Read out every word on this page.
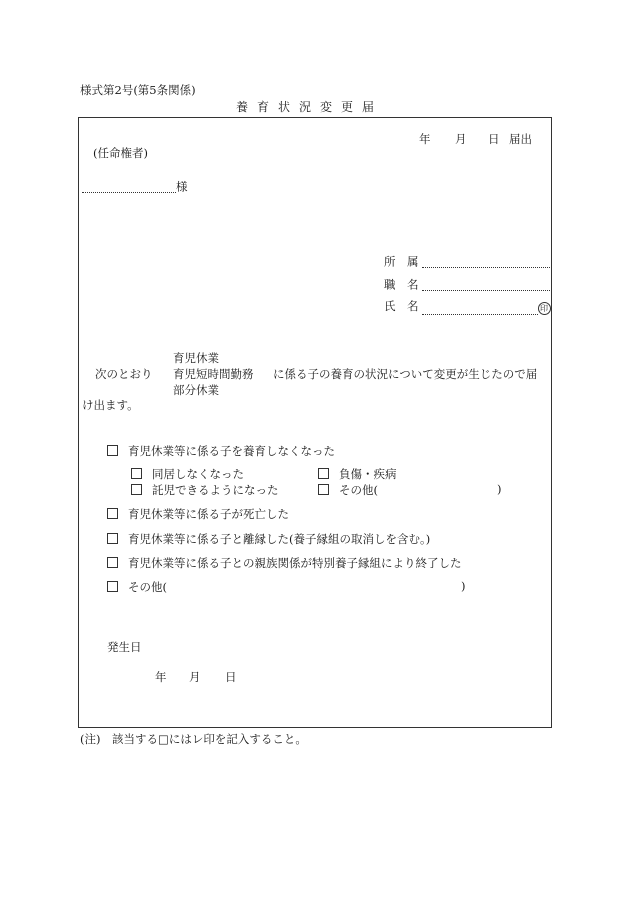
様式第2号(第5条関係)
養育状況変更届
年 月 日 届出
(任命権者)
様
所　属
職　名
氏　名	印
育児休業
次のとおり 育児短時間勤務 に係る子の養育の状況について変更が生じたので届
部分休業
け出ます。
育児休業等に係る子を養育しなくなった
同居しなくなった	負傷・疾病
託児できるようになった	その他(	)
育児休業等に係る子が死亡した
育児休業等に係る子と離縁した(養子縁組の取消しを含む。)
育児休業等に係る子との親族関係が特別養子縁組により終了した
その他(	)
発生日
年 月 日
(注)　該当する□にはレ印を記入すること。
